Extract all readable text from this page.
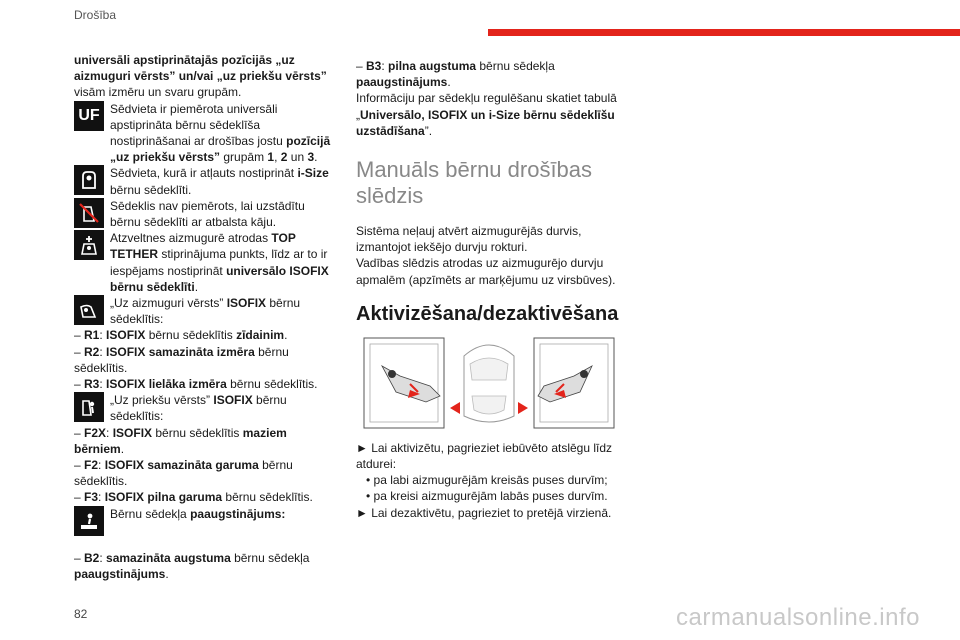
Drošība

universāli apstiprinātajās pozīcijās „uz aizmuguri vērsts” un/vai „uz priekšu vērsts” visām izmēru un svaru grupām.

UF Sēdvieta ir piemērota universāli apstiprināta bērnu sēdeklīša nostiprināšanai ar drošības jostu pozīcijā „uz priekšu vērsts” grupām 1, 2 un 3.

Sēdvieta, kurā ir atļauts nostiprināt i-Size bērnu sēdeklīti.

Sēdeklis nav piemērots, lai uzstādītu bērnu sēdeklīti ar atbalsta kāju.

Atzveltnes aizmugurē atrodas TOP TETHER stiprinājuma punkts, līdz ar to ir iespējams nostiprināt universālo ISOFIX bērnu sēdeklīti.

„Uz aizmuguri vērsts” ISOFIX bērnu sēdeklītis:

– R1: ISOFIX bērnu sēdeklītis zīdainim.

– R2: ISOFIX samazināta izmēra bērnu sēdeklītis.

– R3: ISOFIX lielāka izmēra bērnu sēdeklītis.

„Uz priekšu vērsts” ISOFIX bērnu sēdeklītis:

– F2X: ISOFIX bērnu sēdeklītis maziem bērniem.

– F2: ISOFIX samazināta garuma bērnu sēdeklītis.

– F3: ISOFIX pilna garuma bērnu sēdeklītis.

Bērnu sēdekļa paaugstinājums:

– B2: samazināta augstuma bērnu sēdekļa paaugstinājums.

– B3: pilna augstuma bērnu sēdekļa paaugstinājums.

Informāciju par sēdekļu regulēšanu skatiet tabulā „Universālo, ISOFIX un i-Size bērnu sēdeklīšu uzstādīšana”.

Manuāls bērnu drošības slēdzis

Sistēma neļauj atvērt aizmugurējās durvis, izmantojot iekšējo durvju rokturi.

Vadības slēdzis atrodas uz aizmugurējo durvju apmalēm (apzīmēts ar marķējumu uz virsbūves).

Aktivizēšana/dezaktivēšana

► Lai aktivizētu, pagrieziet iebūvēto atslēgu līdz atdurei:

• pa labi aizmugurējām kreisās puses durvīm;

• pa kreisi aizmugurējām labās puses durvīm.

► Lai dezaktivētu, pagrieziet to pretējā virzienā.

82	carmanualsonline.info
